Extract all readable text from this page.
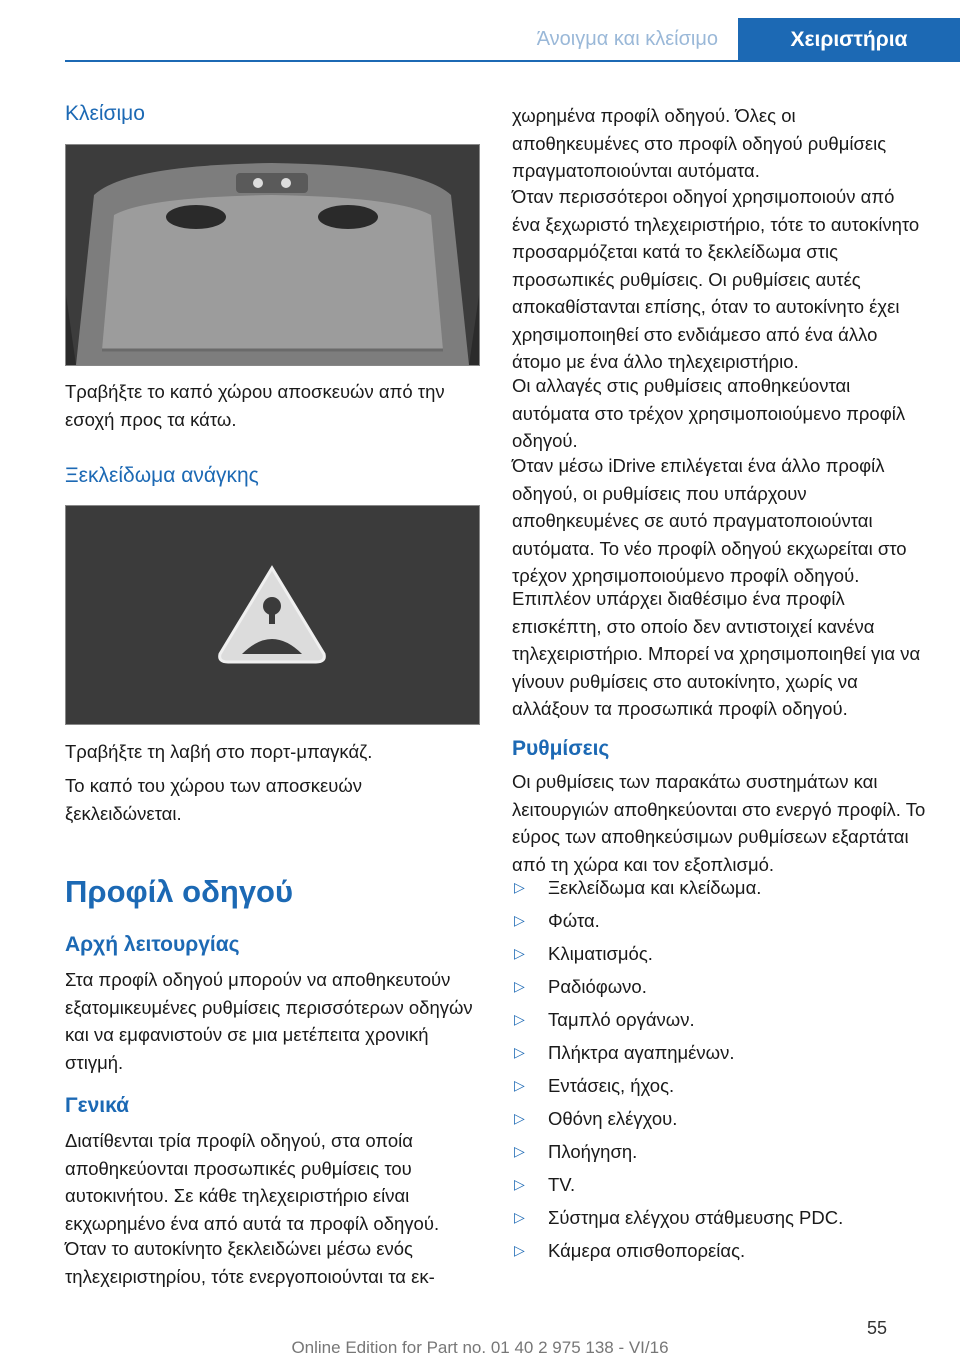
Άνοιγμα και κλείσιμο	Χειριστήρια
Κλείσιμο

Τραβήξτε το καπό χώρου αποσκευών από την εσοχή προς τα κάτω.

Ξεκλείδωμα ανάγκης

Τραβήξτε τη λαβή στο πορτ-μπαγκάζ.

Το καπό του χώρου των αποσκευών ξεκλειδώνεται.

Προφίλ οδηγού
Αρχή λειτουργίας

Στα προφίλ οδηγού μπορούν να αποθηκευτούν εξατομικευμένες ρυθμίσεις περισσότερων οδηγών και να εμφανιστούν σε μια μετέπειτα χρονική στιγμή.

Γενικά

Διατίθενται τρία προφίλ οδηγού, στα οποία αποθηκεύονται προσωπικές ρυθμίσεις του αυτοκινήτου. Σε κάθε τηλεχειριστήριο είναι εκχωρημένο ένα από αυτά τα προφίλ οδηγού.

Όταν το αυτοκίνητο ξεκλειδώνει μέσω ενός τηλεχειριστηρίου, τότε ενεργοποιούνται τα εκ-

χωρημένα προφίλ οδηγού. Όλες οι αποθηκευμένες στο προφίλ οδηγού ρυθμίσεις πραγματοποιούνται αυτόματα.

Όταν περισσότεροι οδηγοί χρησιμοποιούν από ένα ξεχωριστό τηλεχειριστήριο, τότε το αυτοκίνητο προσαρμόζεται κατά το ξεκλείδωμα στις προσωπικές ρυθμίσεις. Οι ρυθμίσεις αυτές αποκαθίστανται επίσης, όταν το αυτοκίνητο έχει χρησιμοποιηθεί στο ενδιάμεσο από ένα άλλο άτομο με ένα άλλο τηλεχειριστήριο.

Οι αλλαγές στις ρυθμίσεις αποθηκεύονται αυτόματα στο τρέχον χρησιμοποιούμενο προφίλ οδηγού.

Όταν μέσω iDrive επιλέγεται ένα άλλο προφίλ οδηγού, οι ρυθμίσεις που υπάρχουν αποθηκευμένες σε αυτό πραγματοποιούνται αυτόματα. Το νέο προφίλ οδηγού εκχωρείται στο τρέχον χρησιμοποιούμενο προφίλ οδηγού.

Επιπλέον υπάρχει διαθέσιμο ένα προφίλ επισκέπτη, στο οποίο δεν αντιστοιχεί κανένα τηλεχειριστήριο. Μπορεί να χρησιμοποιηθεί για να γίνουν ρυθμίσεις στο αυτοκίνητο, χωρίς να αλλάξουν τα προσωπικά προφίλ οδηγού.

Ρυθμίσεις

Οι ρυθμίσεις των παρακάτω συστημάτων και λειτουργιών αποθηκεύονται στο ενεργό προφίλ. Το εύρος των αποθηκεύσιμων ρυθμίσεων εξαρτάται από τη χώρα και τον εξοπλισμό.

▷	Ξεκλείδωμα και κλείδωμα.
▷	Φώτα.
▷	Κλιματισμός.
▷	Ραδιόφωνο.
▷	Ταμπλό οργάνων.
▷	Πλήκτρα αγαπημένων.
▷	Εντάσεις, ήχος.
▷	Οθόνη ελέγχου.
▷	Πλοήγηση.
▷	TV.
▷	Σύστημα ελέγχου στάθμευσης PDC.
▷	Κάμερα οπισθοπορείας.
55
Online Edition for Part no. 01 40 2 975 138 - VI/16
